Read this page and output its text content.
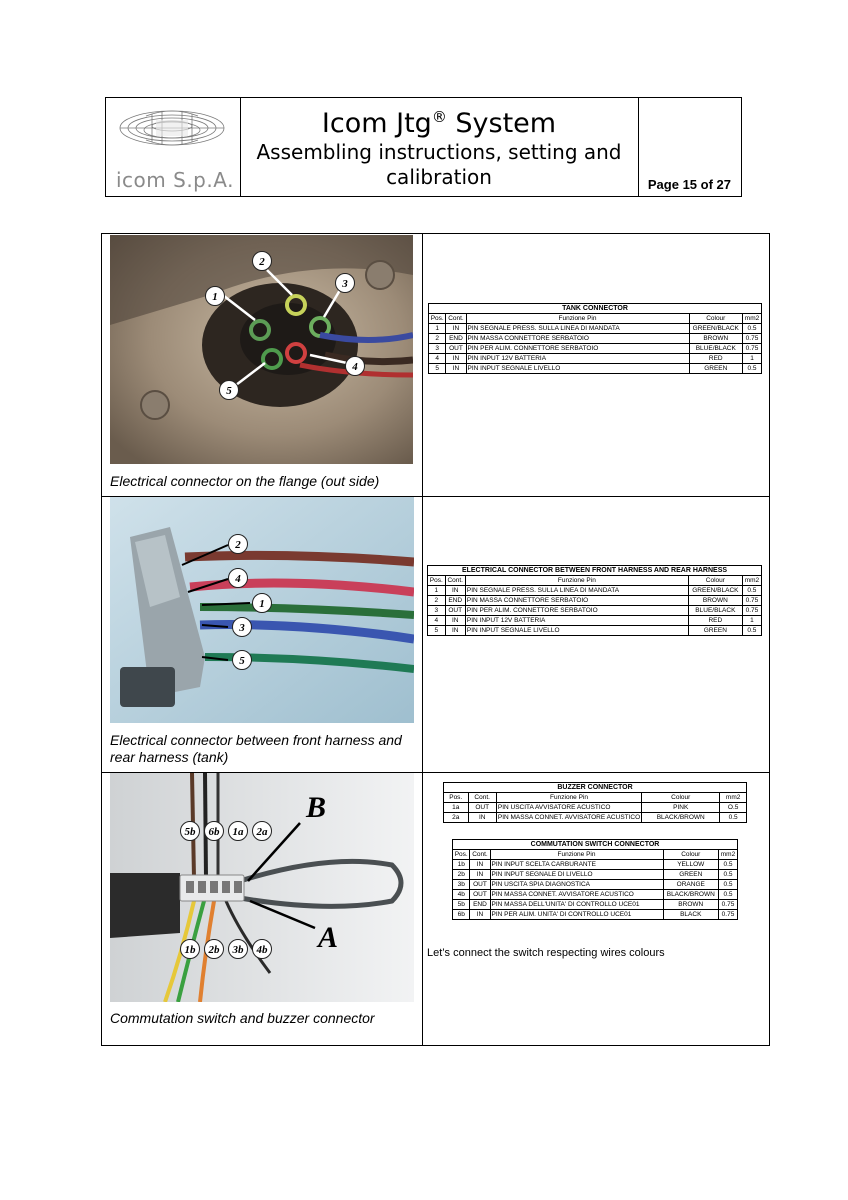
icom S.p.A.
Icom Jtg® System
Assembling instructions, setting and
calibration	Page 15 of 27
1
2
3
4
5
Electrical connector on the flange (out side)
TANK CONNECTOR				
Pos.	Cont.	Funzione Pin	Colour	mm2
1	IN	PIN SEGNALE PRESS. SULLA LINEA DI MANDATA	GREEN/BLACK	0.5
2	END	PIN MASSA CONNETTORE SERBATOIO	BROWN	0.75
3	OUT	PIN PER ALIM. CONNETTORE SERBATOIO	BLUE/BLACK	0.75
4	IN	PIN INPUT 12V BATTERIA	RED	1
5	IN	PIN INPUT SEGNALE LIVELLO	GREEN	0.5
2
4
1
3
5
Electrical connector between front harness and rear harness (tank)
ELECTRICAL CONNECTOR BETWEEN FRONT HARNESS AND REAR HARNESS				
Pos.	Cont.	Funzione Pin	Colour	mm2
1	IN	PIN SEGNALE PRESS. SULLA LINEA DI MANDATA	GREEN/BLACK	0.5
2	END	PIN MASSA CONNETTORE SERBATOIO	BROWN	0.75
3	OUT	PIN PER ALIM. CONNETTORE SERBATOIO	BLUE/BLACK	0.75
4	IN	PIN INPUT 12V BATTERIA	RED	1
5	IN	PIN INPUT SEGNALE LIVELLO	GREEN	0.5
5b	6b	1a	2a
1b	2b	3b	4b
B
A
Commutation switch and buzzer connector
BUZZER CONNECTOR				
Pos.	Cont.	Funzione Pin	Colour	mm2
1a	OUT	PIN USCITA AVVISATORE ACUSTICO	PINK	O.5
2a	IN	PIN MASSA CONNET. AVVISATORE ACUSTICO	BLACK/BROWN	0.5
COMMUTATION SWITCH CONNECTOR				
Pos.	Cont.	Funzione Pin	Colour	mm2
1b	IN	PIN INPUT SCELTA CARBURANTE	YELLOW	0.5
2b	IN	PIN INPUT SEGNALE DI LIVELLO	GREEN	0.5
3b	OUT	PIN USCITA SPIA DIAGNOSTICA	ORANGE	0.5
4b	OUT	PIN MASSA CONNET. AVVISATORE ACUSTICO	BLACK/BROWN	0.5
5b	END	PIN MASSA DELL'UNITA' DI CONTROLLO UCE01	BROWN	0.75
6b	IN	PIN PER ALIM. UNITA' DI CONTROLLO UCE01	BLACK	0.75
Let’s connect the switch respecting wires colours
